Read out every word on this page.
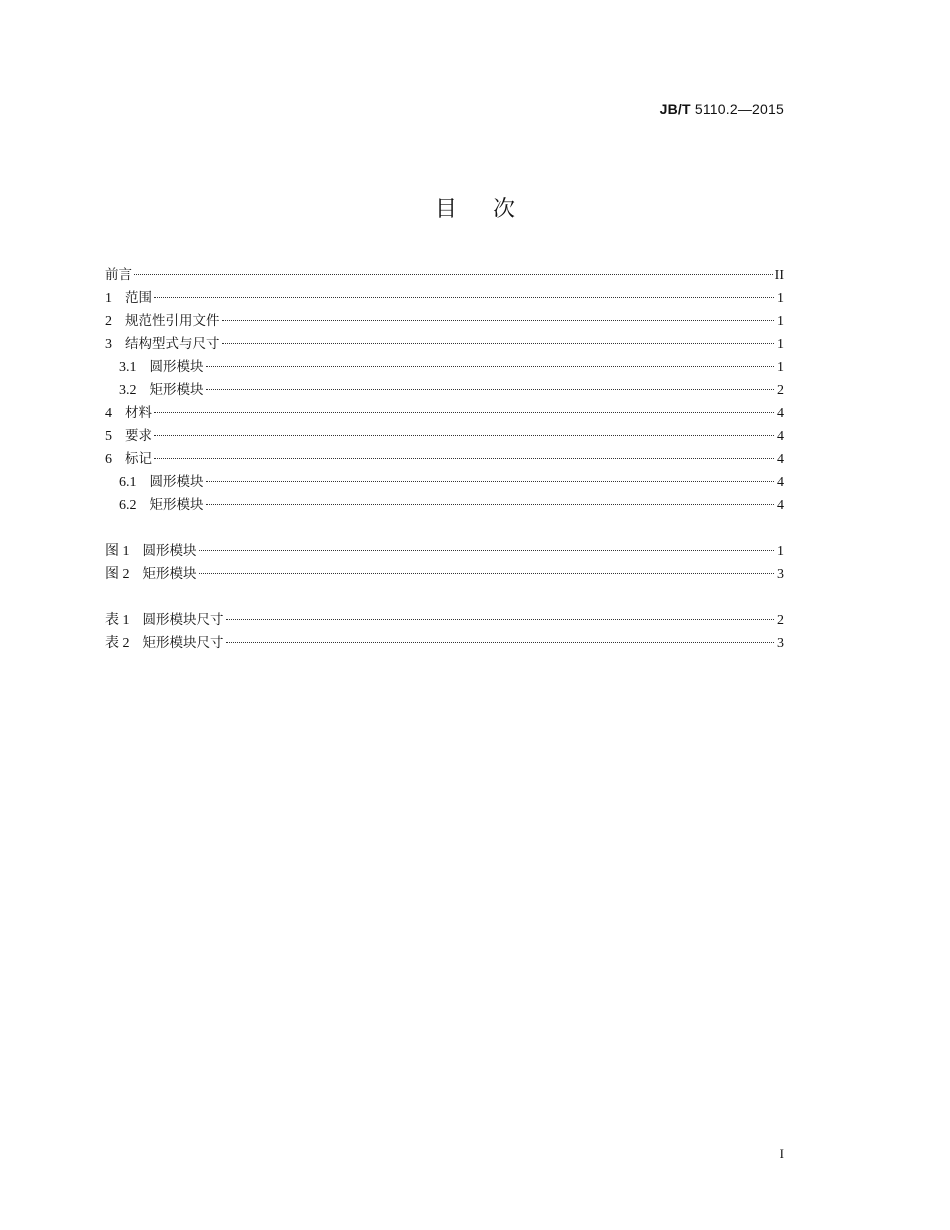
JB/T 5110.2—2015
目次
前言	II
1 范围	1
2 规范性引用文件	1
3 结构型式与尺寸	1
3.1 圆形模块	1
3.2 矩形模块	2
4 材料	4
5 要求	4
6 标记	4
6.1 圆形模块	4
6.2 矩形模块	4
图 1 圆形模块	1
图 2 矩形模块	3
表 1 圆形模块尺寸	2
表 2 矩形模块尺寸	3
I
